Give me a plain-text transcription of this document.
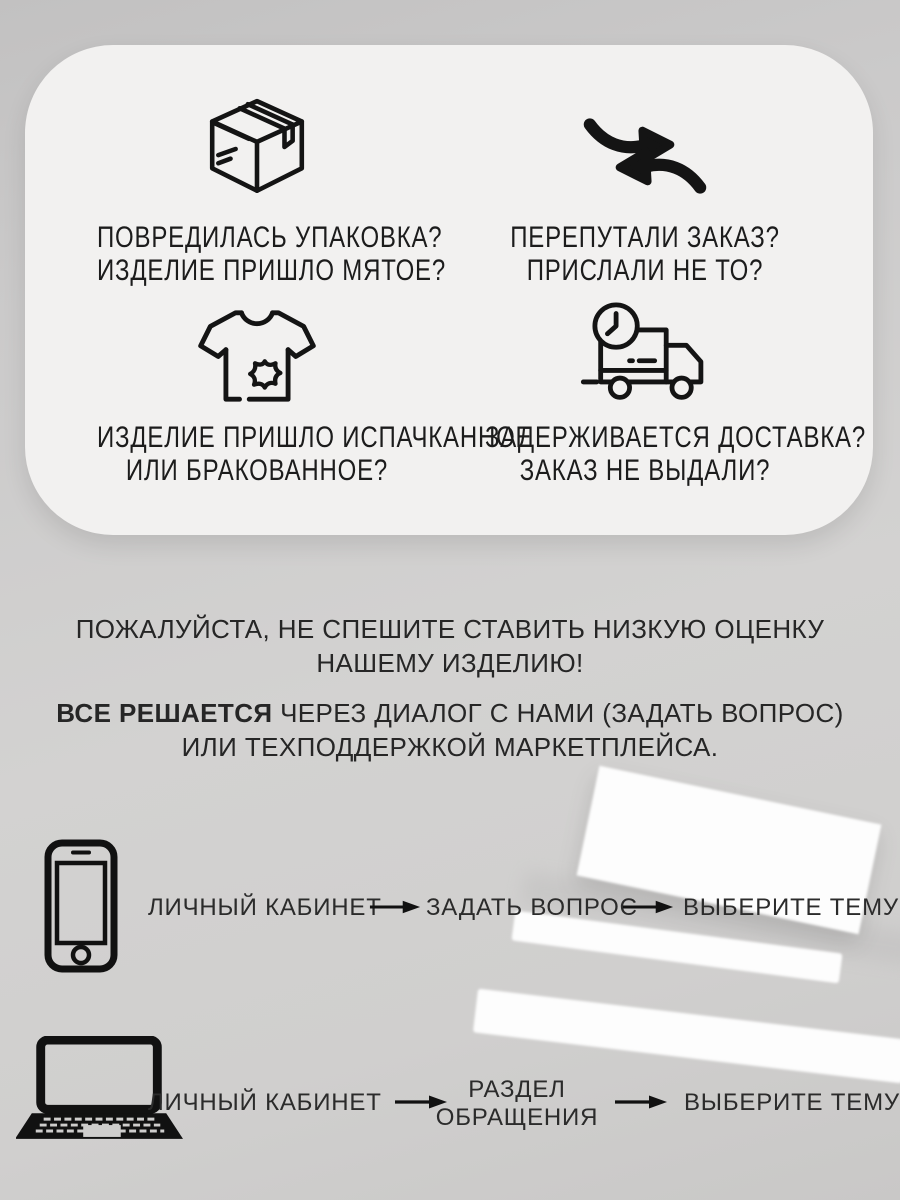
ПОВРЕДИЛАСЬ УПАКОВКА?
ИЗДЕЛИЕ ПРИШЛО МЯТОЕ?
ПЕРЕПУТАЛИ ЗАКАЗ?
ПРИСЛАЛИ НЕ ТО?
ИЗДЕЛИЕ ПРИШЛО ИСПАЧКАННОЕ
ИЛИ БРАКОВАННОЕ?
ЗАДЕРЖИВАЕТСЯ ДОСТАВКА?
ЗАКАЗ НЕ ВЫДАЛИ?
ПОЖАЛУЙСТА, НЕ СПЕШИТЕ СТАВИТЬ НИЗКУЮ ОЦЕНКУ
НАШЕМУ ИЗДЕЛИЮ!
ВСЕ РЕШАЕТСЯ ЧЕРЕЗ ДИАЛОГ С НАМИ (ЗАДАТЬ ВОПРОС)
ИЛИ ТЕХПОДДЕРЖКОЙ МАРКЕТПЛЕЙСА.
ЛИЧНЫЙ КАБИНЕТ ЗАДАТЬ ВОПРОС ВЫБЕРИТЕ ТЕМУ
ЛИЧНЫЙ КАБИНЕТ	РАЗДЕЛ ОБРАЩЕНИЯ
ВЫБЕРИТЕ ТЕМУ
